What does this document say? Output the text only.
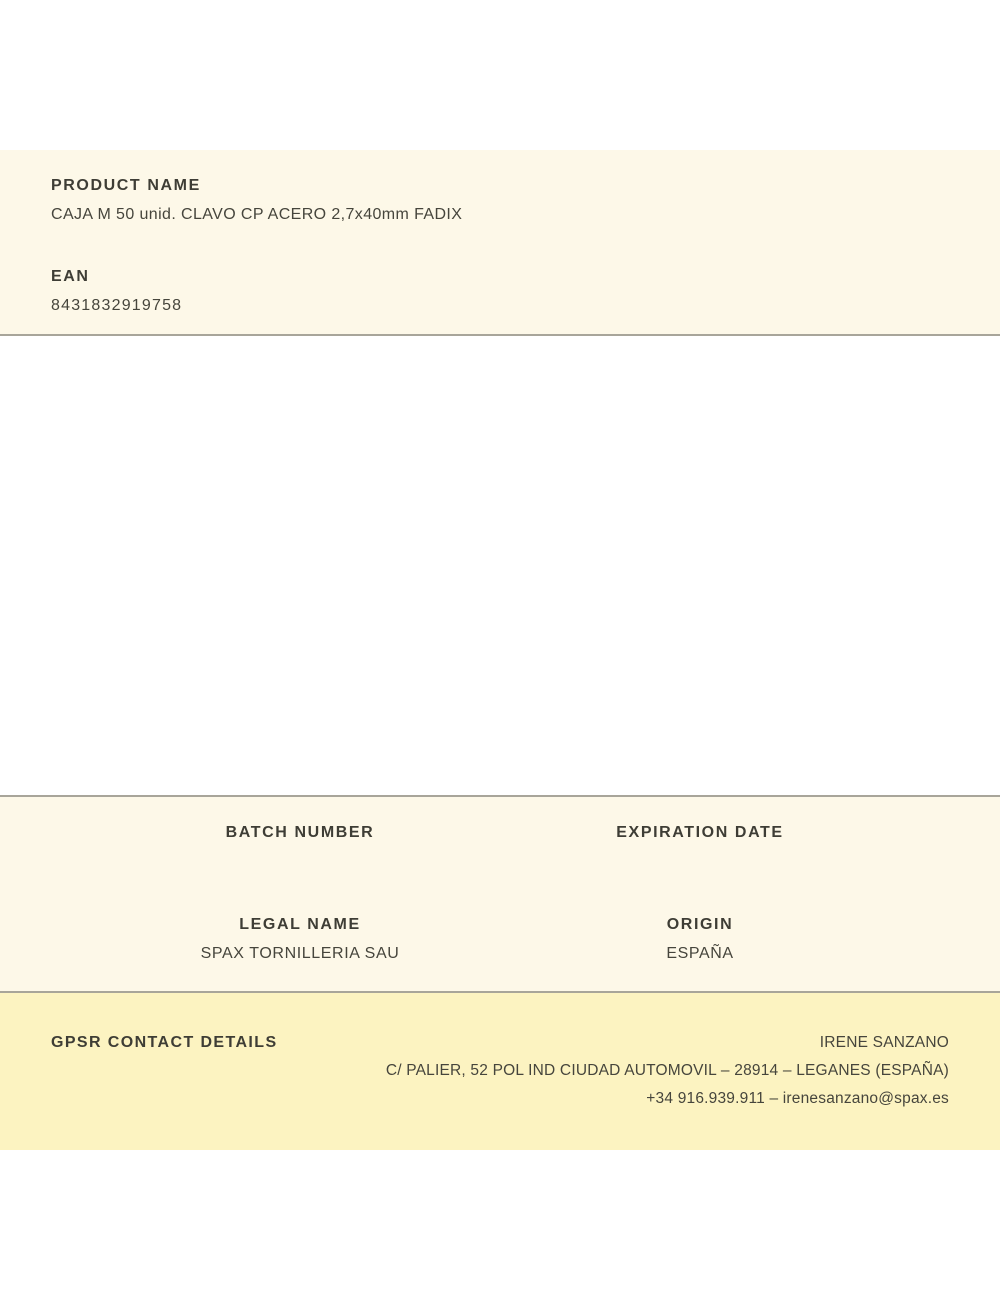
PRODUCT NAME
CAJA M 50 unid. CLAVO CP ACERO 2,7x40mm FADIX
EAN
8431832919758
BATCH NUMBER	EXPIRATION DATE
LEGAL NAME
SPAX TORNILLERIA SAU
ORIGIN
ESPAÑA
GPSR CONTACT DETAILS	IRENE SANZANO
C/ PALIER, 52 POL IND CIUDAD AUTOMOVIL – 28914 – LEGANES (ESPAÑA)
+34 916.939.911 – irenesanzano@spax.es
